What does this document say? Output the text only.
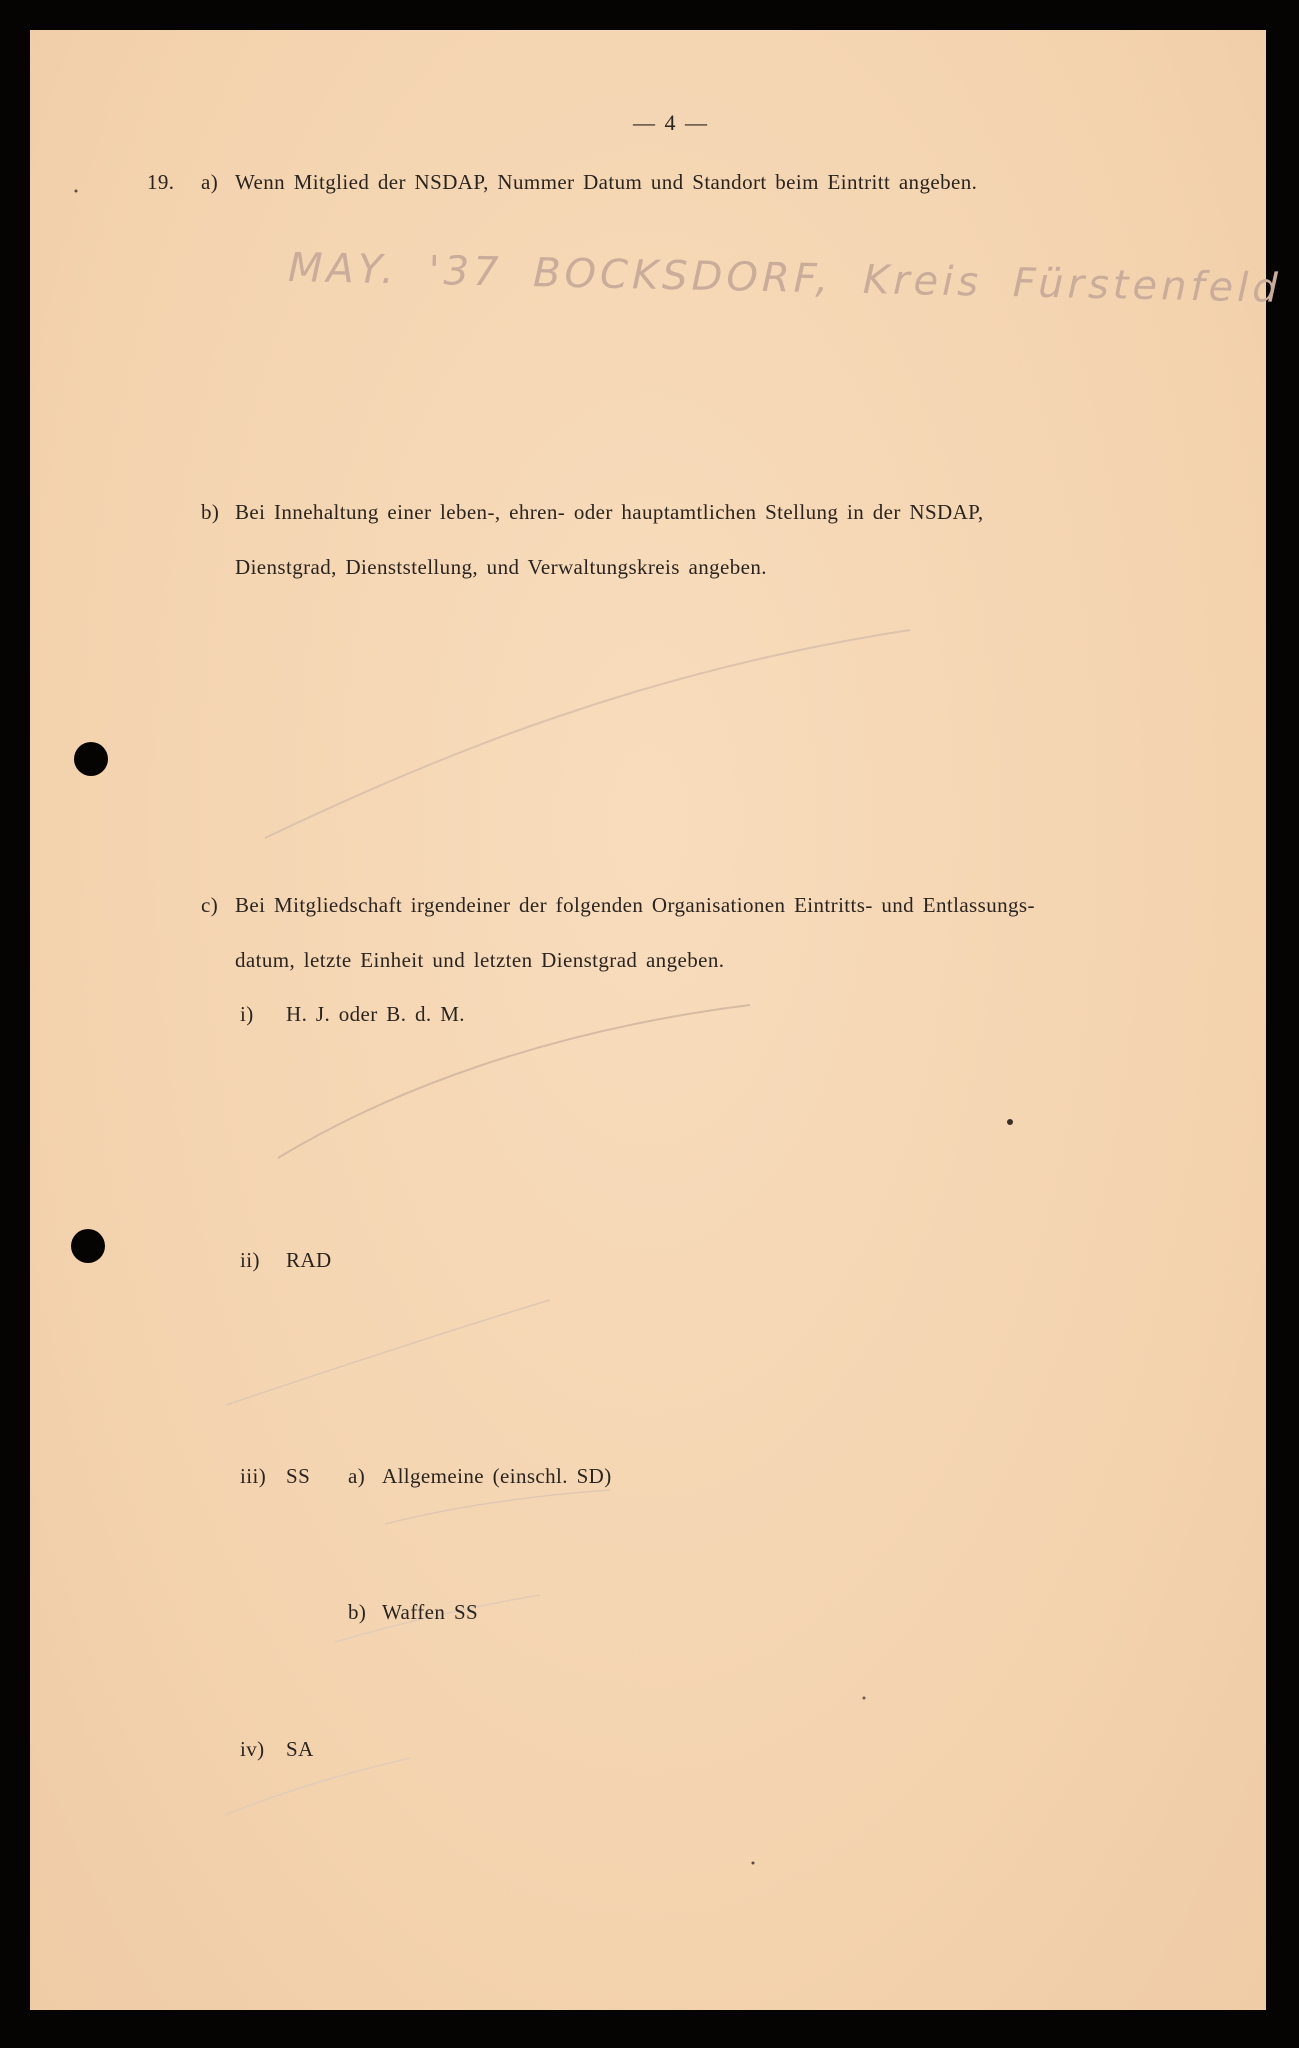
— 4 —
19. a) Wenn Mitglied der NSDAP, Nummer Datum und Standort beim Eintritt angeben.
MAY. '37 BOCKSDORF, Kreis Fürstenfeld
b) Bei Innehaltung einer leben-, ehren- oder hauptamtlichen Stellung in der NSDAP,
Dienstgrad, Dienststellung, und Verwaltungskreis angeben.
c) Bei Mitgliedschaft irgendeiner der folgenden Organisationen Eintritts- und Entlassungs-
datum, letzte Einheit und letzten Dienstgrad angeben.
i) H. J. oder B. d. M.
ii) RAD
iii) SS a) Allgemeine (einschl. SD)
b) Waffen SS
iv) SA
